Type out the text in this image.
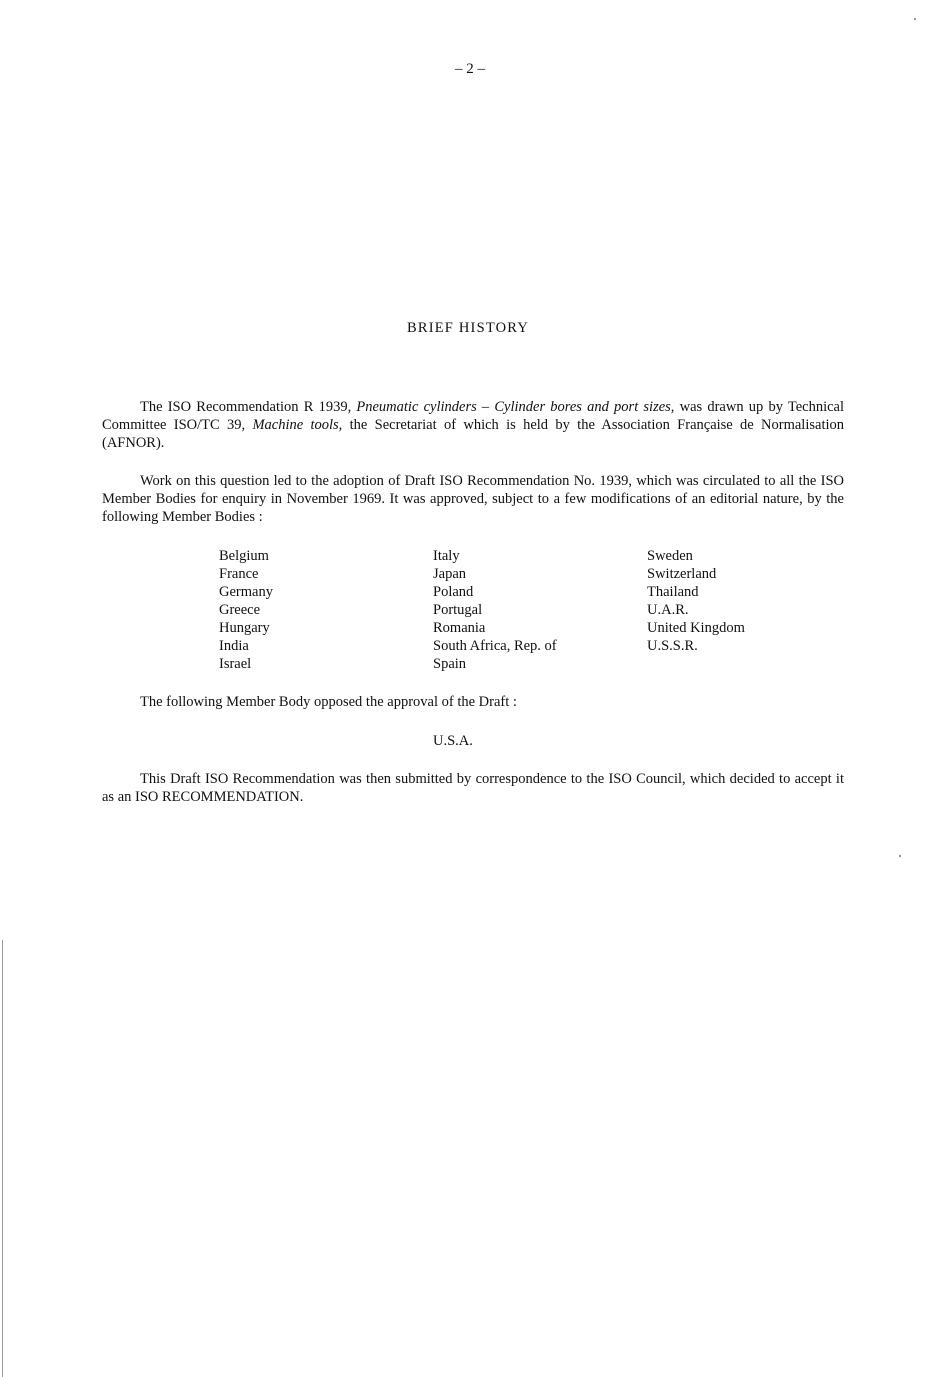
– 2 –
BRIEF HISTORY
The ISO Recommendation R 1939, Pneumatic cylinders – Cylinder bores and port sizes, was drawn up by Technical Committee ISO/TC 39, Machine tools, the Secretariat of which is held by the Association Française de Normalisation (AFNOR).
Work on this question led to the adoption of Draft ISO Recommendation No. 1939, which was circulated to all the ISO Member Bodies for enquiry in November 1969. It was approved, subject to a few modifications of an editorial nature, by the following Member Bodies :
Belgium
France
Germany
Greece
Hungary
India
Israel
Italy
Japan
Poland
Portugal
Romania
South Africa, Rep. of
Spain
Sweden
Switzerland
Thailand
U.A.R.
United Kingdom
U.S.S.R.
The following Member Body opposed the approval of the Draft :
U.S.A.
This Draft ISO Recommendation was then submitted by correspondence to the ISO Council, which decided to accept it as an ISO RECOMMENDATION.
